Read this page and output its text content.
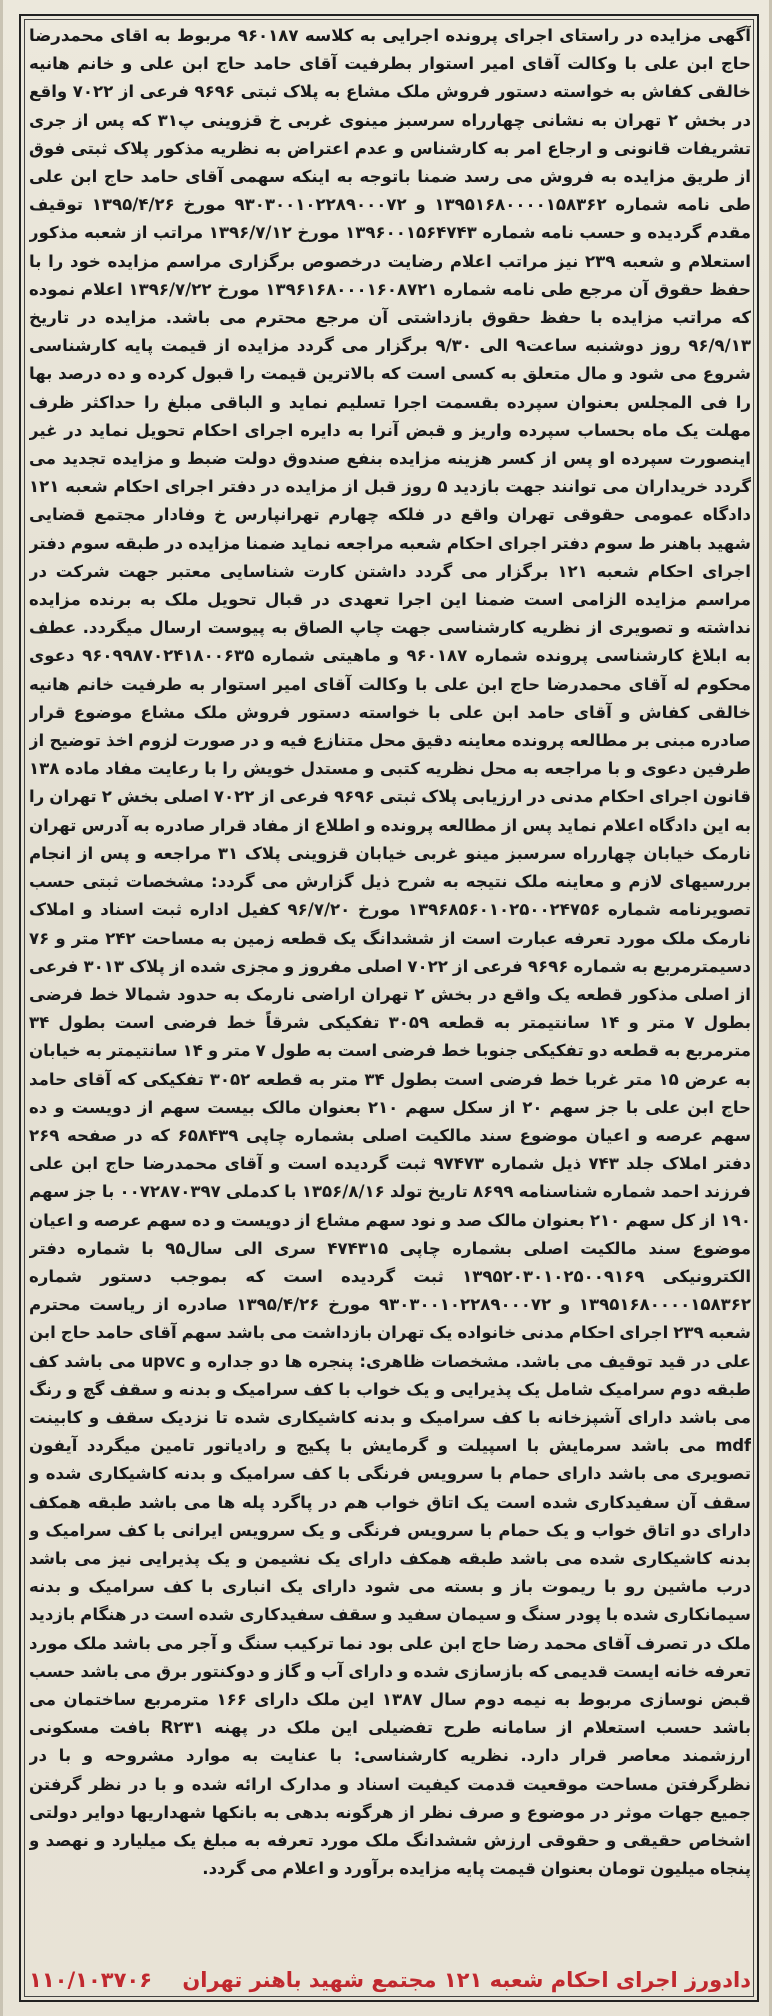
آگهی مزایده در راستای اجرای پرونده اجرایی به کلاسه ۹۶۰۱۸۷ مربوط به اقای محمدرضا حاج ابن علی با وکالت آقای امیر استوار بطرفیت آقای حامد حاج ابن علی و خانم هانیه خالقی کفاش به خواسته دستور فروش ملک مشاع به پلاک ثبتی ۹۶۹۶ فرعی از ۷۰۲۲ واقع در بخش ۲ تهران به نشانی چهارراه سرسبز مینوی غربی خ قزوینی پ۳۱ که پس از جری تشریفات قانونی و ارجاع امر به کارشناس و عدم اعتراض به نظریه مذکور پلاک ثبتی فوق از طریق مزایده به فروش می رسد ضمنا باتوجه به اینکه سهمی آقای حامد حاج ابن علی طی نامه شماره ۱۳۹۵۱۶۸۰۰۰۰۱۵۸۳۶۲ و ۹۳۰۳۰۰۱۰۲۲۸۹۰۰۰۷۲ مورخ ۱۳۹۵/۴/۲۶ توقیف مقدم گردیده و حسب نامه شماره ۱۳۹۶۰۰۱۵۶۴۷۴۳ مورخ ۱۳۹۶/۷/۱۲ مراتب از شعبه مذکور استعلام و شعبه ۲۳۹ نیز مراتب اعلام رضایت درخصوص برگزاری مراسم مزایده خود را با حفظ حقوق آن مرجع طی نامه شماره ۱۳۹۶۱۶۸۰۰۰۱۶۰۸۷۲۱ مورخ ۱۳۹۶/۷/۲۲ اعلام نموده که مراتب مزایده با حفظ حقوق بازداشتی آن مرجع محترم می باشد. مزایده در تاریخ ۹۶/۹/۱۳ روز دوشنبه ساعت۹ الی ۹/۳۰ برگزار می گردد مزایده از قیمت پایه کارشناسی شروع می شود و مال متعلق به کسی است که بالاترین قیمت را قبول کرده و ده درصد بها را فی المجلس بعنوان سپرده بقسمت اجرا تسلیم نماید و الباقی مبلغ را حداکثر ظرف مهلت یک ماه بحساب سپرده واریز و قبض آنرا به دایره اجرای احکام تحویل نماید در غیر اینصورت سپرده او پس از کسر هزینه مزایده بنفع صندوق دولت ضبط و مزایده تجدید می گردد خریداران می توانند جهت بازدید ۵ روز قبل از مزایده در دفتر اجرای احکام شعبه ۱۲۱ دادگاه عمومی حقوقی تهران واقع در فلکه چهارم تهرانپارس خ وفادار مجتمع قضایی شهید باهنر ط سوم دفتر اجرای احکام شعبه مراجعه نماید ضمنا مزایده در طبقه سوم دفتر اجرای احکام شعبه ۱۲۱ برگزار می گردد داشتن کارت شناسایی معتبر جهت شرکت در مراسم مزایده الزامی است ضمنا این اجرا تعهدی در قبال تحویل ملک به برنده مزایده نداشته و تصویری از نظریه کارشناسی جهت چاپ الصاق به پیوست ارسال میگردد. عطف به ابلاغ کارشناسی پرونده شماره ۹۶۰۱۸۷ و ماهیتی شماره ۹۶۰۹۹۸۷۰۲۴۱۸۰۰۶۳۵ دعوی محکوم له آقای محمدرضا حاج ابن علی با وکالت آقای امیر استوار به طرفیت خانم هانیه خالقی کفاش و آقای حامد ابن علی با خواسته دستور فروش ملک مشاع موضوع قرار صادره مبنی بر مطالعه پرونده معاینه دقیق محل متنازع فیه و در صورت لزوم اخذ توضیح از طرفین دعوی و با مراجعه به محل نظریه کتبی و مستدل خویش را با رعایت مفاد ماده ۱۳۸ قانون اجرای احکام مدنی در ارزیابی پلاک ثبتی ۹۶۹۶ فرعی از ۷۰۲۲ اصلی بخش ۲ تهران را به این دادگاه اعلام نماید پس از مطالعه پرونده و اطلاع از مفاد قرار صادره به آدرس تهران نارمک خیابان چهارراه سرسبز مینو غربی خیابان قزوینی پلاک ۳۱ مراجعه و پس از انجام بررسیهای لازم و معاینه ملک نتیجه به شرح ذیل گزارش می گردد: مشخصات ثبتی حسب تصویرنامه شماره ۱۳۹۶۸۵۶۰۱۰۲۵۰۰۲۴۷۵۶ مورخ ۹۶/۷/۲۰ کفیل اداره ثبت اسناد و املاک نارمک ملک مورد تعرفه عبارت است از ششدانگ یک قطعه زمین به مساحت ۲۴۲ متر و ۷۶ دسیمترمربع به شماره ۹۶۹۶ فرعی از ۷۰۲۲ اصلی مفروز و مجزی شده از پلاک ۳۰۱۳ فرعی از اصلی مذکور قطعه یک واقع در بخش ۲ تهران اراضی نارمک به حدود شمالا خط فرضی بطول ۷ متر و ۱۴ سانتیمتر به قطعه ۳۰۵۹ تفکیکی شرقاً خط فرضی است بطول ۳۴ مترمربع به قطعه دو تفکیکی جنوبا خط فرضی است به طول ۷ متر و ۱۴ سانتیمتر به خیابان به عرض ۱۵ متر غربا خط فرضی است بطول ۳۴ متر به قطعه ۳۰۵۲ تفکیکی که آقای حامد حاج ابن علی با جز سهم ۲۰ از سکل سهم ۲۱۰ بعنوان مالک بیست سهم از دویست و ده سهم عرصه و اعیان موضوع سند مالکیت اصلی بشماره چاپی ۶۵۸۴۳۹ که در صفحه ۲۶۹ دفتر املاک جلد ۷۴۳ ذیل شماره ۹۷۴۷۳ ثبت گردیده است و آقای محمدرضا حاج ابن علی فرزند احمد شماره شناسنامه ۸۶۹۹ تاریخ تولد ۱۳۵۶/۸/۱۶ با کدملی ۰۰۷۲۸۷۰۳۹۷ با جز سهم ۱۹۰ از کل سهم ۲۱۰ بعنوان مالک صد و نود سهم مشاع از دویست و ده سهم عرصه و اعیان موضوع سند مالکیت اصلی بشماره چاپی ۴۷۴۳۱۵ سری الی سال۹۵ با شماره دفتر الکترونیکی ۱۳۹۵۲۰۳۰۱۰۲۵۰۰۹۱۶۹ ثبت گردیده است که بموجب دستور شماره ۱۳۹۵۱۶۸۰۰۰۰۱۵۸۳۶۲ و ۹۳۰۳۰۰۱۰۲۲۸۹۰۰۰۷۲ مورخ ۱۳۹۵/۴/۲۶ صادره از ریاست محترم شعبه ۲۳۹ اجرای احکام مدنی خانواده یک تهران بازداشت می باشد سهم آقای حامد حاج ابن علی در قید توقیف می باشد. مشخصات ظاهری: پنجره ها دو جداره و upvc می باشد کف طبقه دوم سرامیک شامل یک پذیرایی و یک خواب با کف سرامیک و بدنه و سقف گچ و رنگ می باشد دارای آشپزخانه با کف سرامیک و بدنه کاشیکاری شده تا نزدیک سقف و کابینت mdf می باشد سرمایش با اسپیلت و گرمایش با پکیج و رادیاتور تامین میگردد آیفون تصویری می باشد دارای حمام با سرویس فرنگی با کف سرامیک و بدنه کاشیکاری شده و سقف آن سفیدکاری شده است یک اتاق خواب هم در پاگرد پله ها می باشد طبقه همکف دارای دو اتاق خواب و یک حمام با سرویس فرنگی و یک سرویس ایرانی با کف سرامیک و بدنه کاشیکاری شده می باشد طبقه همکف دارای یک نشیمن و یک پذیرایی نیز می باشد درب ماشین رو با ریموت باز و بسته می شود دارای یک انباری با کف سرامیک و بدنه سیمانکاری شده با پودر سنگ و سیمان سفید و سقف سفیدکاری شده است در هنگام بازدید ملک در تصرف آقای محمد رضا حاج ابن علی بود نما ترکیب سنگ و آجر می باشد ملک مورد تعرفه خانه ایست قدیمی که بازسازی شده و دارای آب و گاز و دوکنتور برق می باشد حسب قبض نوسازی مربوط به نیمه دوم سال ۱۳۸۷ این ملک دارای ۱۶۶ مترمربع ساختمان می باشد حسب استعلام از سامانه طرح تفضیلی این ملک در پهنه R۲۳۱ بافت مسکونی ارزشمند معاصر قرار دارد. نظریه کارشناسی: با عنایت به موارد مشروحه و با در نظرگرفتن مساحت موقعیت قدمت کیفیت اسناد و مدارک ارائه شده و با در نظر گرفتن جمیع جهات موثر در موضوع و صرف نظر از هرگونه بدهی به بانکها شهداریها دوایر دولتی اشخاص حقیقی و حقوقی ارزش ششدانگ ملک مورد تعرفه به مبلغ یک میلیارد و نهصد و پنجاه میلیون تومان بعنوان قیمت پایه مزایده برآورد و اعلام می گردد.
دادورز اجرای احکام شعبه ۱۲۱ مجتمع شهید باهنر تهران
۱۱۰/۱۰۳۷۰۶
